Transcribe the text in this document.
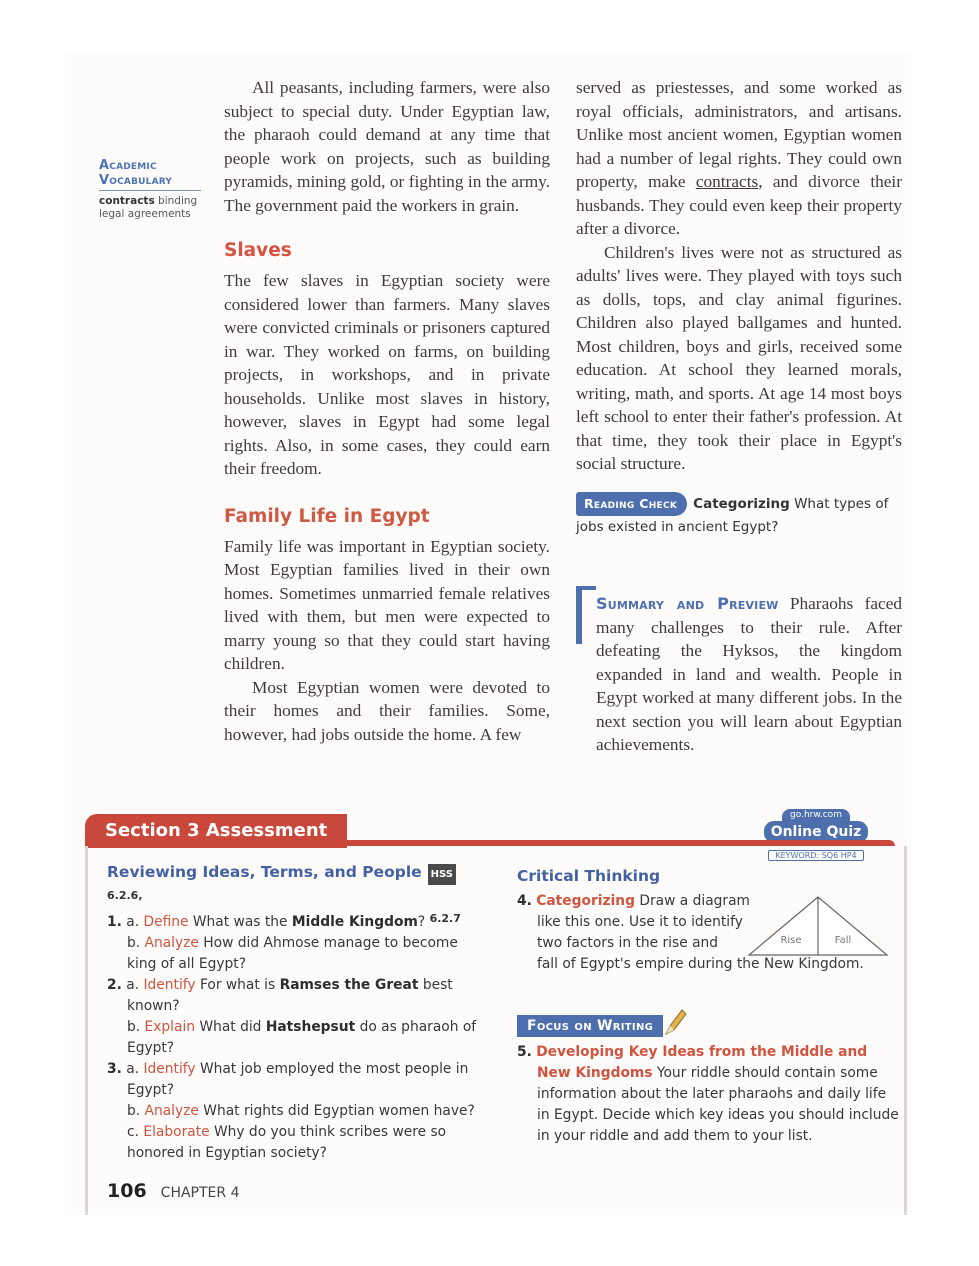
Academic
Vocabulary
contracts binding legal agreements

All peasants, including farmers, were also subject to special duty. Under Egyptian law, the pharaoh could demand at any time that people work on projects, such as building pyramids, mining gold, or fighting in the army. The government paid the workers in grain.

Slaves

The few slaves in Egyptian society were considered lower than farmers. Many slaves were convicted criminals or prisoners captured in war. They worked on farms, on building projects, in workshops, and in private households. Unlike most slaves in history, however, slaves in Egypt had some legal rights. Also, in some cases, they could earn their freedom.

Family Life in Egypt

Family life was important in Egyptian society. Most Egyptian families lived in their own homes. Sometimes unmarried female relatives lived with them, but men were expected to marry young so that they could start having children.

Most Egyptian women were devoted to their homes and their families. Some, however, had jobs outside the home. A few

served as priestesses, and some worked as royal officials, administrators, and artisans. Unlike most ancient women, Egyptian women had a number of legal rights. They could own property, make contracts, and divorce their husbands. They could even keep their property after a divorce.

Children's lives were not as structured as adults' lives were. They played with toys such as dolls, tops, and clay animal figurines. Children also played ballgames and hunted. Most children, boys and girls, received some education. At school they learned morals, writing, math, and sports. At age 14 most boys left school to enter their father's profession. At that time, they took their place in Egypt's social structure.

Reading Check Categorizing What types of jobs existed in ancient Egypt?
Summary and Preview Pharaohs faced many challenges to their rule. After defeating the Hyksos, the kingdom expanded in land and wealth. People in Egypt worked at many different jobs. In the next section you will learn about Egyptian achievements.
go.hrw.com
Online Quiz
KEYWORD: SQ6 HP4
Section 3 Assessment
Reviewing Ideas, Terms, and People HSS 6.2.6,

1. a. Define What was the Middle Kingdom? $^{6.2.7}$

b. Analyze How did Ahmose manage to become king of all Egypt?

2. a. Identify For what is Ramses the Great best known?

b. Explain What did Hatshepsut do as pharaoh of Egypt?

3. a. Identify What job employed the most people in Egypt?

b. Analyze What rights did Egyptian women have?

c. Elaborate Why do you think scribes were so honored in Egyptian society?

Critical Thinking

4. Categorizing Draw a diagram like this one. Use it to identify two factors in the rise and

fall of Egypt's empire during the New Kingdom.

Rise	Fall
Focus on Writing

5. Developing Key Ideas from the Middle and New Kingdoms Your riddle should contain some information about the later pharaohs and daily life in Egypt. Decide which key ideas you should include in your riddle and add them to your list.

106 CHAPTER 4
